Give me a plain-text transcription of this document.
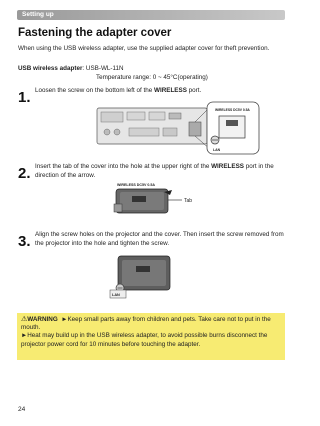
Setting up
Fastening the adapter cover
When using the USB wireless adapter, use the supplied adapter cover for theft prevention.
USB wireless adapter: USB-WL-11N
Temperature range: 0 ~ 45°C(operating)
1. Loosen the screw on the bottom left of the WIRELESS port.
WIRELESS DC5V 0.5A
LAN
2. Insert the tab of the cover into the hole at the upper right of the WIRELESS port in the direction of the arrow.
WIRELESS DC5V 0.5A
Tab
3. Align the screw holes on the projector and the cover. Then insert the screw removed from the projector into the hole and tighten the screw.
LAN
⚠WARNING ►Keep small parts away from children and pets. Take care not to put in the mouth.
►Heat may build up in the USB wireless adapter, to avoid possible burns disconnect the projector power cord for 10 minutes before touching the adapter.
24
